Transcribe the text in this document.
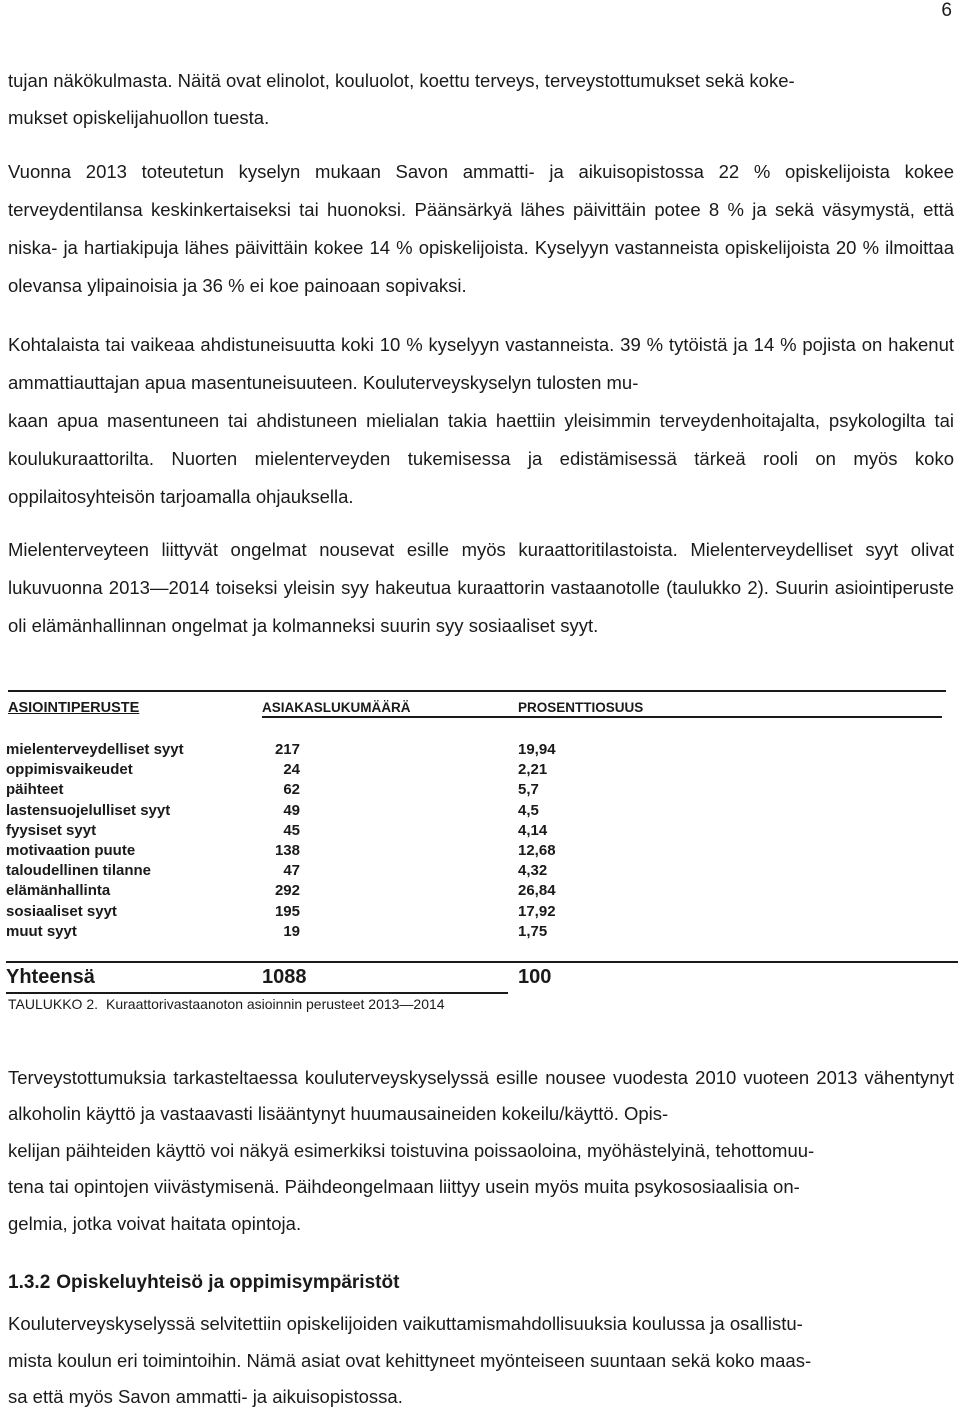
6

tujan näkökulmasta. Näitä ovat elinolot, kouluolot, koettu terveys, terveystottumukset sekä koke-
mukset opiskelijahuollon tuesta.

Vuonna 2013 toteutetun kyselyn mukaan Savon ammatti- ja aikuisopistossa 22 % opiskelijoista kokee terveydentilansa keskinkertaiseksi tai huonoksi. Päänsärkyä lähes päivittäin potee 8 % ja sekä väsymystä, että niska- ja hartiakipuja lähes päivittäin kokee 14 % opiskelijoista. Kyselyyn vastanneista opiskelijoista 20 % ilmoittaa olevansa ylipainoisia ja 36 % ei koe painoaan sopivaksi.

Kohtalaista tai vaikeaa ahdistuneisuutta koki 10 % kyselyyn vastanneista. 39 % tytöistä ja 14 % pojista on hakenut ammattiauttajan apua masentuneisuuteen. Kouluterveyskyselyn tulosten mu-
kaan apua masentuneen tai ahdistuneen mielialan takia haettiin yleisimmin terveydenhoitajalta, psykologilta tai koulukuraattorilta. Nuorten mielenterveyden tukemisessa ja edistämisessä tärkeä rooli on myös koko oppilaitosyhteisön tarjoamalla ohjauksella.

Mielenterveyteen liittyvät ongelmat nousevat esille myös kuraattoritilastoista. Mielenterveydelliset syyt olivat lukuvuonna 2013—2014 toiseksi yleisin syy hakeutua kuraattorin vastaanotolle (taulukko 2). Suurin asiointiperuste oli elämänhallinnan ongelmat ja kolmanneksi suurin syy sosiaaliset syyt.

ASIOINTIPERUSTE	ASIAKASLUKUMÄÄRÄ	PROSENTTIOSUUS
mielenterveydelliset syyt	217	19,94
oppimisvaikeudet	24	2,21
päihteet	62	5,7
lastensuojelulliset syyt	49	4,5
fyysiset syyt	45	4,14
motivaation puute	138	12,68
taloudellinen tilanne	47	4,32
elämänhallinta	292	26,84
sosiaaliset syyt	195	17,92
muut syyt	19	1,75
Yhteensä	1088	100
TAULUKKO 2. Kuraattorivastaanoton asioinnin perusteet 2013—2014

Terveystottumuksia tarkasteltaessa kouluterveyskyselyssä esille nousee vuodesta 2010 vuoteen 2013 vähentynyt alkoholin käyttö ja vastaavasti lisääntynyt huumausaineiden kokeilu/käyttö. Opis-
kelijan päihteiden käyttö voi näkyä esimerkiksi toistuvina poissaoloina, myöhästelyinä, tehottomuu-
tena tai opintojen viivästymisenä. Päihdeongelmaan liittyy usein myös muita psykososiaalisia on-
gelmia, jotka voivat haitata opintoja.

1.3.2 Opiskeluyhteisö ja oppimisympäristöt

Kouluterveyskyselyssä selvitettiin opiskelijoiden vaikuttamismahdollisuuksia koulussa ja osallistu-
mista koulun eri toimintoihin. Nämä asiat ovat kehittyneet myönteiseen suuntaan sekä koko maas-
sa että myös Savon ammatti- ja aikuisopistossa.
